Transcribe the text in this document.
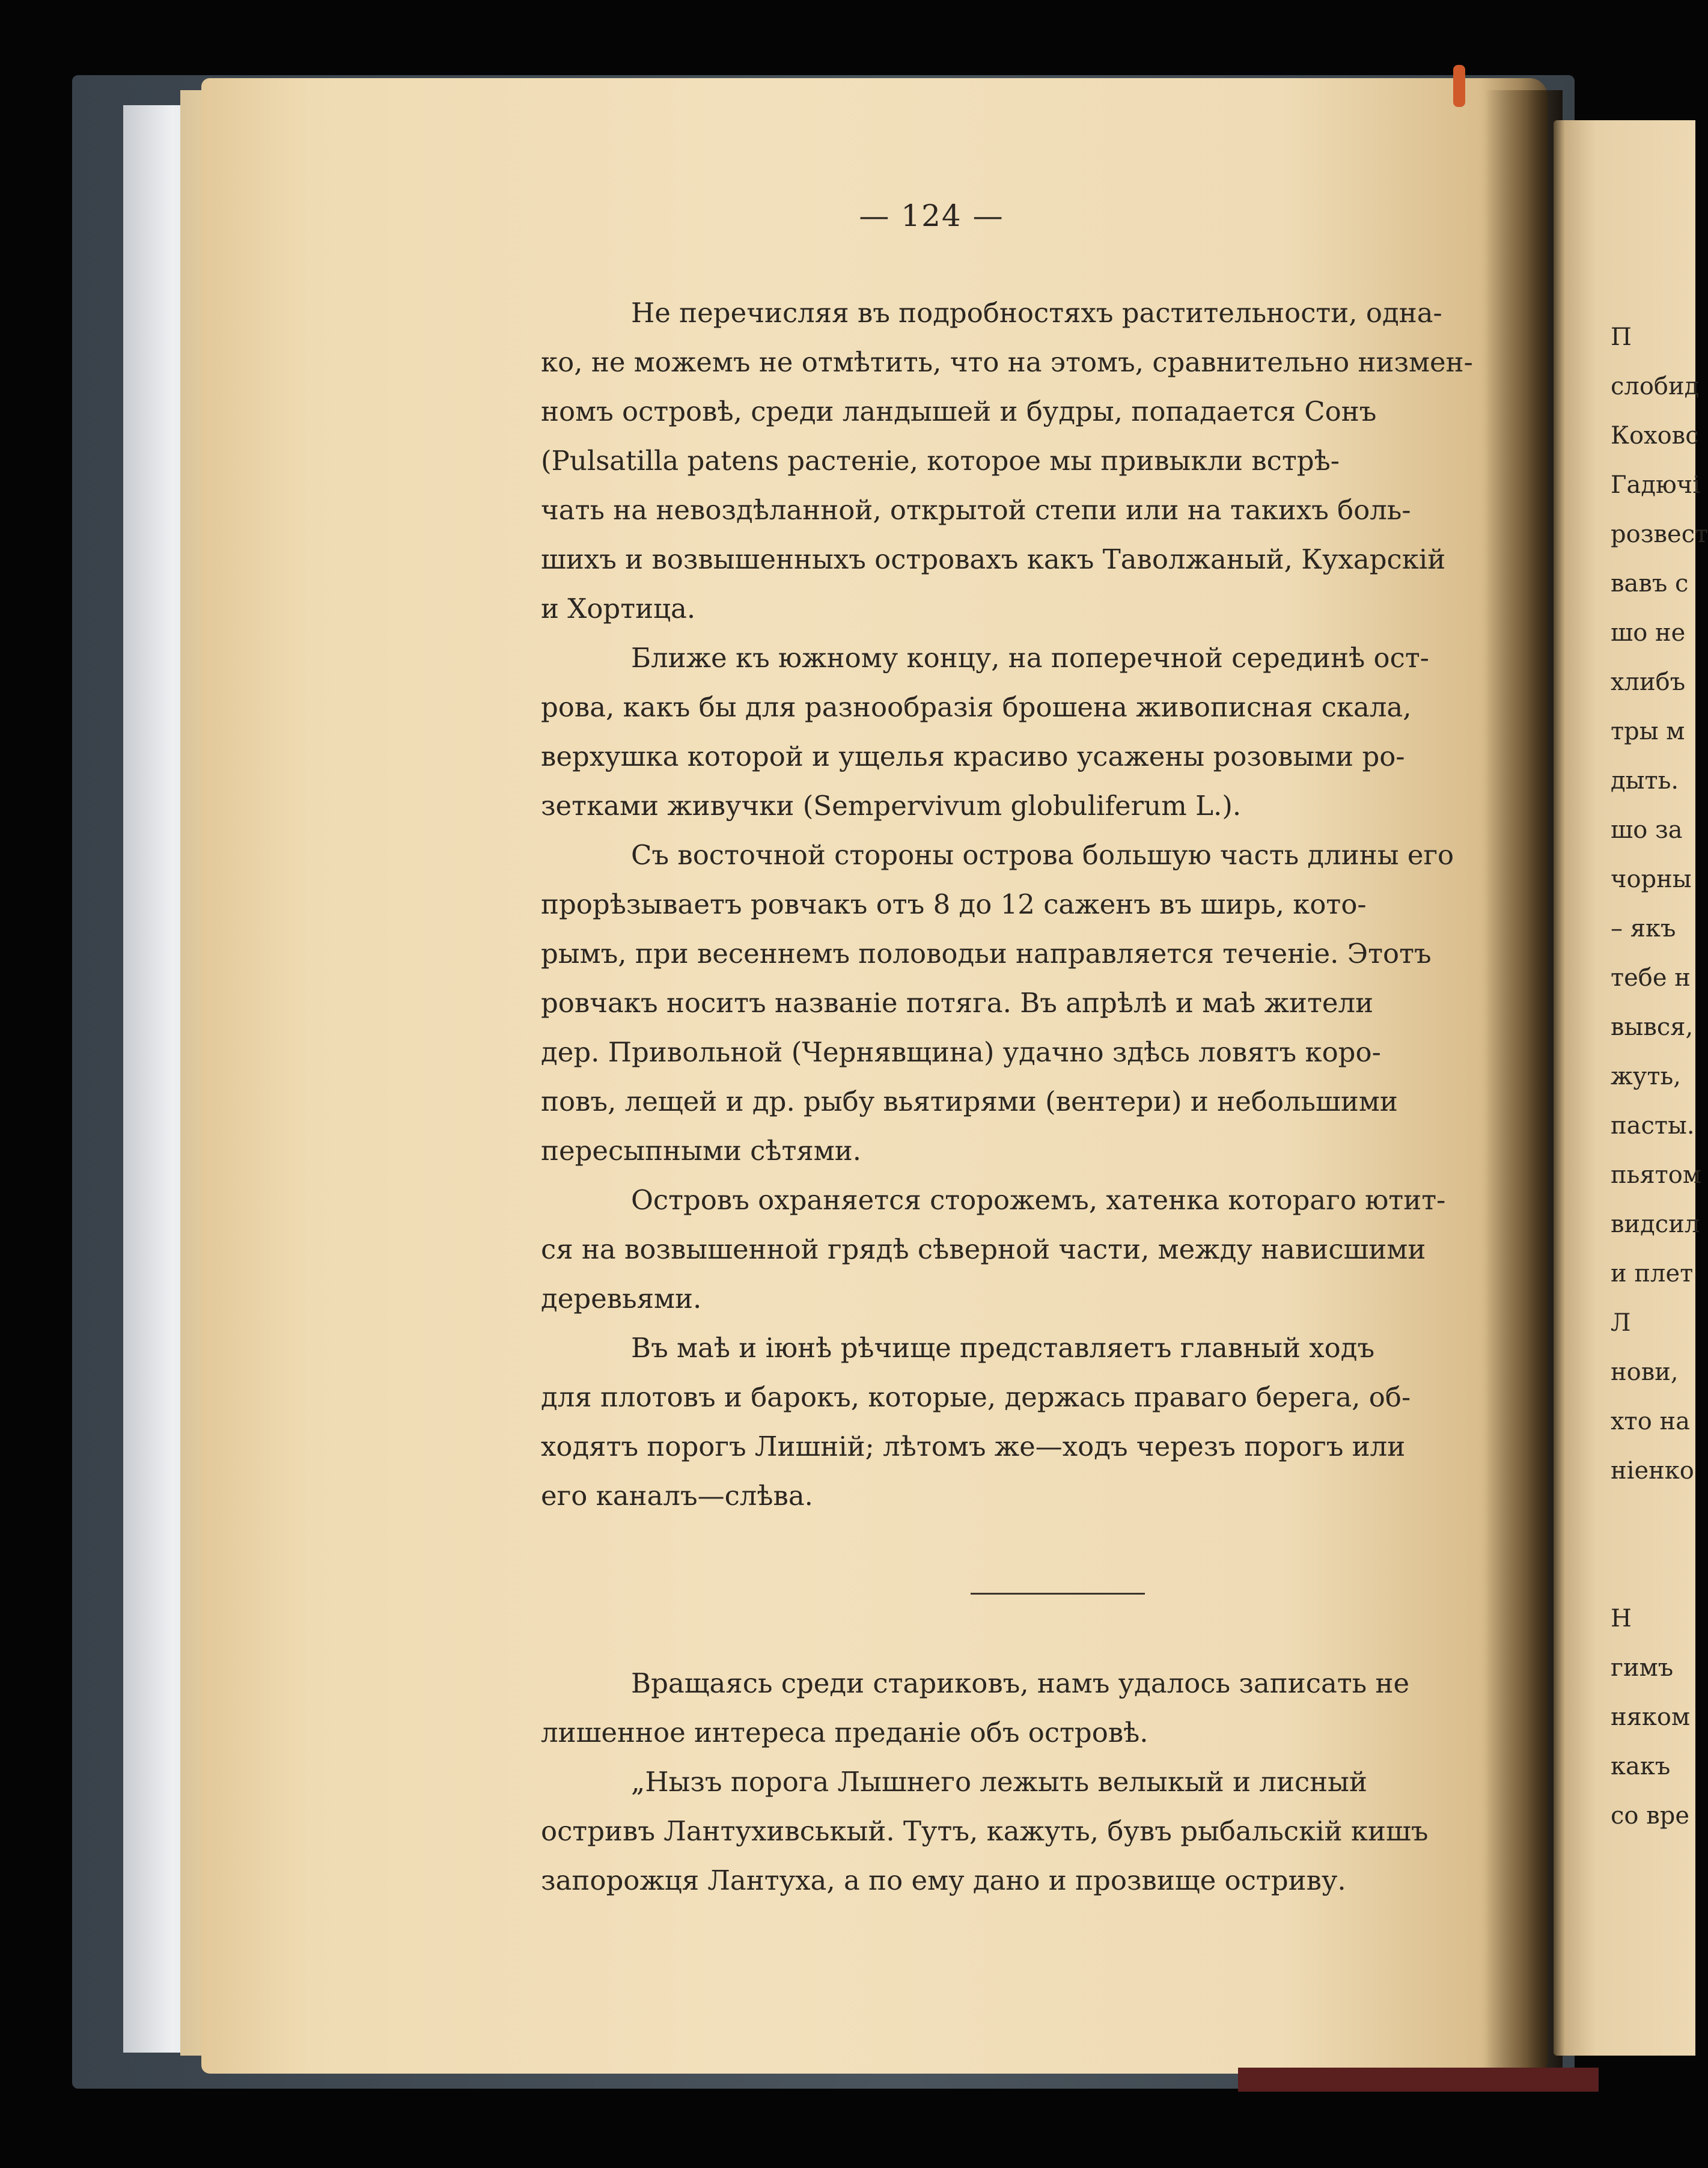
— 124 —
Не перечисляя въ подробностяхъ растительности, одна-
ко, не можемъ не отмѣтить, что на этомъ, сравнительно низмен-
номъ островѣ, среди ландышей и будры, попадается Сонъ
(Pulsatilla patens растеніе, которое мы привыкли встрѣ-
чать на невоздѣланной, открытой степи или на такихъ боль-
шихъ и возвышенныхъ островахъ какъ Таволжаный, Кухарскій
и Хортица.
Ближе къ южному концу, на поперечной серединѣ ост-
рова, какъ бы для разнообразія брошена живописная скала,
верхушка которой и ущелья красиво усажены розовыми ро-
зетками живучки (Sempervivum globuliferum L.).
Съ восточной стороны острова большую часть длины его
прорѣзываетъ ровчакъ отъ 8 до 12 саженъ въ ширь, кото-
рымъ, при весеннемъ половодьи направляется теченіе. Этотъ
ровчакъ носитъ названіе потяга. Въ апрѣлѣ и маѣ жители
дер. Привольной (Чернявщина) удачно здѣсь ловятъ коро-
повъ, лещей и др. рыбу вьятирями (вентери) и небольшими
пересыпными сѣтями.
Островъ охраняется сторожемъ, хатенка котораго ютит-
ся на возвышенной грядѣ сѣверной части, между нависшими
деревьями.
Въ маѣ и іюнѣ рѣчище представляетъ главный ходъ
для плотовъ и барокъ, которые, держась праваго берега, об-
ходятъ порогъ Лишній; лѣтомъ же—ходъ черезъ порогъ или
его каналъ—слѣва.
Вращаясь среди стариковъ, намъ удалось записать не
лишенное интереса преданіе объ островѣ.
„Нызъ порога Лышнего лежыть велыкый и лисный
остривъ Лантухивськый. Тутъ, кажуть, бувъ рыбальскій кишъ
запорожця Лантуха, а по ему дано и прозвище остриву.
П
слобид
Коховс
Гадючі
розвест
вавъ с
шо не
хлибъ
тры м
дыть.
шо за
чорны
– якъ
тебе н
вывся,
жуть,
пасты.
пьятом
видсил
и плет
Л
нови,
хто на
ніенко
Н
гимъ
няком
какъ
со вре
